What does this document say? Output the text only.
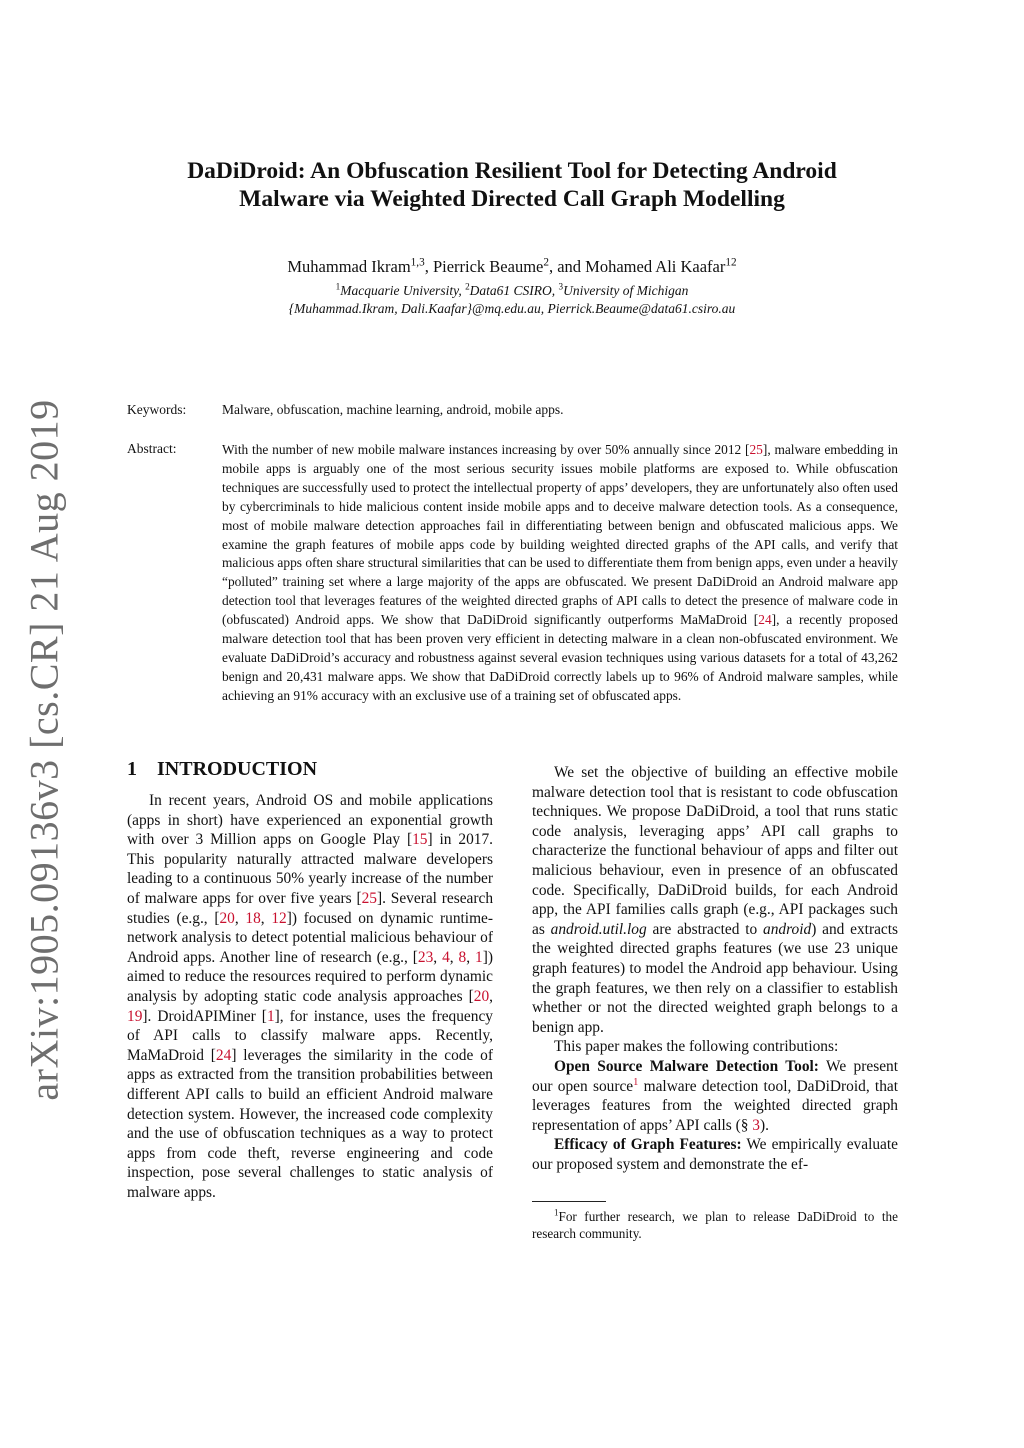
arXiv:1905.09136v3 [cs.CR] 21 Aug 2019
DaDiDroid: An Obfuscation Resilient Tool for Detecting Android
Malware via Weighted Directed Call Graph Modelling
Muhammad Ikram$^{1,3}$, Pierrick Beaume$^2$, and Mohamed Ali Kaafar$^{12}$
$^1$Macquarie University, $^2$Data61 CSIRO, $^3$University of Michigan
{Muhammad.Ikram, Dali.Kaafar}@mq.edu.au, Pierrick.Beaume@data61.csiro.au
Keywords:	Malware, obfuscation, machine learning, android, mobile apps.
Abstract:	With the number of new mobile malware instances increasing by over 50% annually since 2012 [25], malware embedding in mobile apps is arguably one of the most serious security issues mobile platforms are exposed to. While obfuscation techniques are successfully used to protect the intellectual property of apps’ developers, they are unfortunately also often used by cybercriminals to hide malicious content inside mobile apps and to deceive malware detection tools. As a consequence, most of mobile malware detection approaches fail in differentiating between benign and obfuscated malicious apps. We examine the graph features of mobile apps code by building weighted directed graphs of the API calls, and verify that malicious apps often share structural similarities that can be used to differentiate them from benign apps, even under a heavily “polluted” training set where a large majority of the apps are obfuscated. We present DaDiDroid an Android malware app detection tool that leverages features of the weighted directed graphs of API calls to detect the presence of malware code in (obfuscated) Android apps. We show that DaDiDroid significantly outperforms MaMaDroid [24], a recently proposed malware detection tool that has been proven very efficient in detecting malware in a clean non-obfuscated environment. We evaluate DaDiDroid’s accuracy and robustness against several evasion techniques using various datasets for a total of 43,262 benign and 20,431 malware apps. We show that DaDiDroid correctly labels up to 96% of Android malware samples, while achieving an 91% accuracy with an exclusive use of a training set of obfuscated apps.
1 INTRODUCTION

In recent years, Android OS and mobile applications (apps in short) have experienced an exponential growth with over 3 Million apps on Google Play [15] in 2017. This popularity naturally attracted malware developers leading to a continuous 50% yearly increase of the number of malware apps for over five years [25]. Several research studies (e.g., [20, 18, 12]) focused on dynamic runtime-network analysis to detect potential malicious behaviour of Android apps. Another line of research (e.g., [23, 4, 8, 1]) aimed to reduce the resources required to perform dynamic analysis by adopting static code analysis approaches [20, 19]. DroidAPIMiner [1], for instance, uses the frequency of API calls to classify malware apps. Recently, MaMaDroid [24] leverages the similarity in the code of apps as extracted from the transition probabilities between different API calls to build an efficient Android malware detection system. However, the increased code complexity and the use of obfuscation techniques as a way to protect apps from code theft, reverse engineering and code inspection, pose several challenges to static analysis of malware apps.

We set the objective of building an effective mobile malware detection tool that is resistant to code obfuscation techniques. We propose DaDiDroid, a tool that runs static code analysis, leveraging apps’ API call graphs to characterize the functional behaviour of apps and filter out malicious behaviour, even in presence of an obfuscated code. Specifically, DaDiDroid builds, for each Android app, the API families calls graph (e.g., API packages such as android.util.log are abstracted to android) and extracts the weighted directed graphs features (we use 23 unique graph features) to model the Android app behaviour. Using the graph features, we then rely on a classifier to establish whether or not the directed weighted graph belongs to a benign app.

This paper makes the following contributions:

Open Source Malware Detection Tool: We present our open source$^1$ malware detection tool, DaDiDroid, that leverages features from the weighted directed graph representation of apps’ API calls (§ 3).

Efficacy of Graph Features: We empirically evaluate our proposed system and demonstrate the ef-

$^1$For further research, we plan to release DaDiDroid to the research community.
